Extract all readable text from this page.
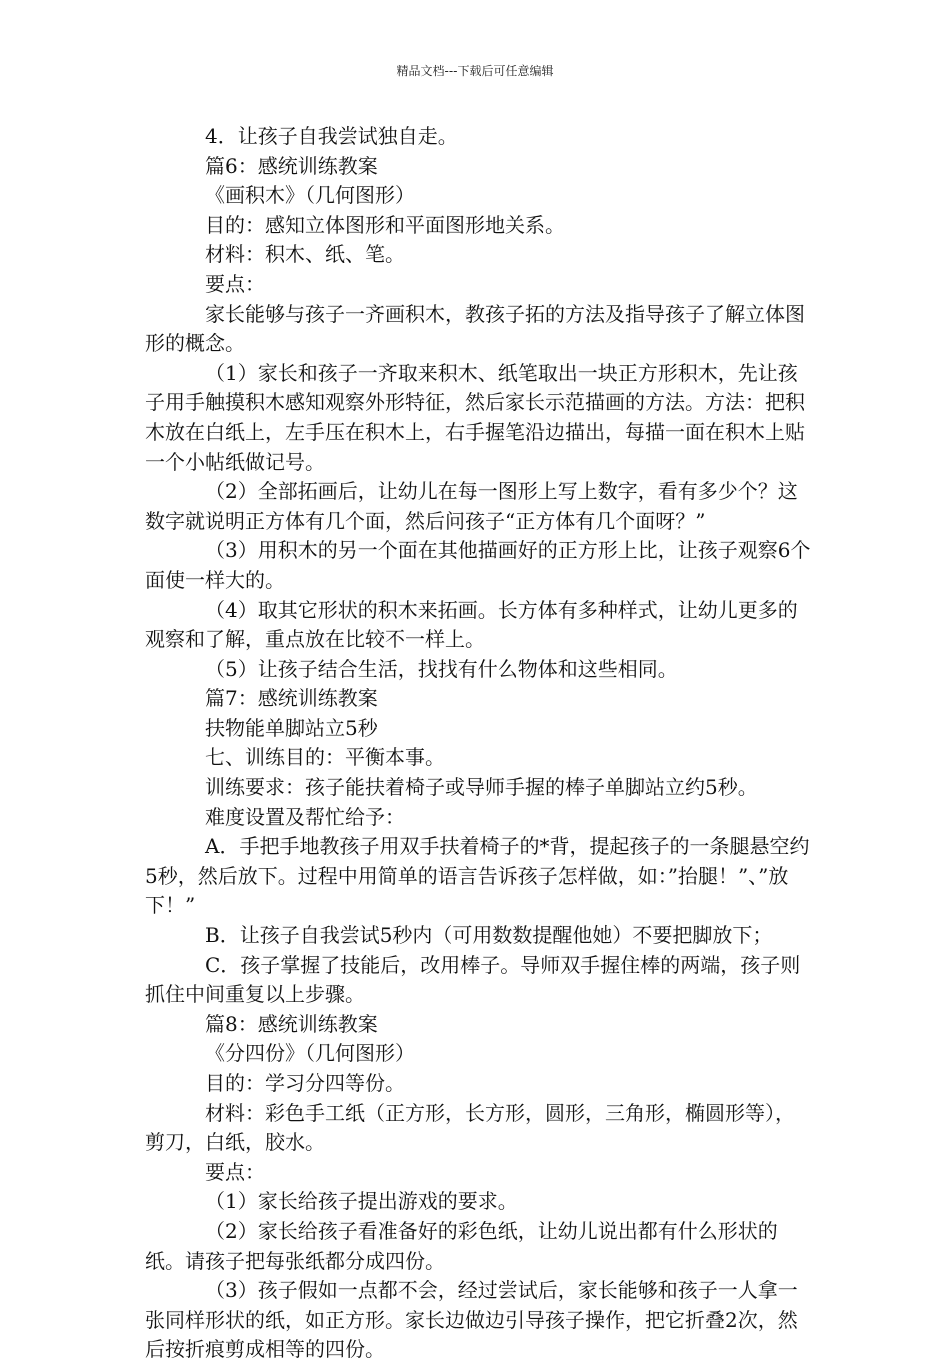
精品文档---下载后可任意编辑

4．让孩子自我尝试独自走。

篇6：感统训练教案

《画积木》（几何图形）

目的：感知立体图形和平面图形地关系。

材料：积木、纸、笔。

要点：

家长能够与孩子一齐画积木，教孩子拓的方法及指导孩子了解立体图形的概念。

（1）家长和孩子一齐取来积木、纸笔取出一块正方形积木，先让孩子用手触摸积木感知观察外形特征，然后家长示范描画的方法。方法：把积木放在白纸上，左手压在积木上，右手握笔沿边描出，每描一面在积木上贴一个小帖纸做记号。

（2）全部拓画后，让幼儿在每一图形上写上数字，看有多少个？这数字就说明正方体有几个面，然后问孩子“正方体有几个面呀？”

（3）用积木的另一个面在其他描画好的正方形上比，让孩子观察6个面使一样大的。

（4）取其它形状的积木来拓画。长方体有多种样式，让幼儿更多的观察和了解，重点放在比较不一样上。

（5）让孩子结合生活，找找有什么物体和这些相同。

篇7：感统训练教案

扶物能单脚站立5秒

七、训练目的：平衡本事。

训练要求：孩子能扶着椅子或导师手握的棒子单脚站立约5秒。

难度设置及帮忙给予：

A．手把手地教孩子用双手扶着椅子的*背，提起孩子的一条腿悬空约5秒，然后放下。过程中用简单的语言告诉孩子怎样做，如：”抬腿！”、”放下！”

B．让孩子自我尝试5秒内（可用数数提醒他她）不要把脚放下；

C．孩子掌握了技能后，改用棒子。导师双手握住棒的两端，孩子则抓住中间重复以上步骤。

篇8：感统训练教案

《分四份》（几何图形）

目的：学习分四等份。

材料：彩色手工纸（正方形，长方形，圆形，三角形，椭圆形等），剪刀，白纸，胶水。

要点：

（1）家长给孩子提出游戏的要求。

（2）家长给孩子看准备好的彩色纸，让幼儿说出都有什么形状的纸。请孩子把每张纸都分成四份。

（3）孩子假如一点都不会，经过尝试后，家长能够和孩子一人拿一张同样形状的纸，如正方形。家长边做边引导孩子操作，把它折叠2次，然后按折痕剪成相等的四份。
